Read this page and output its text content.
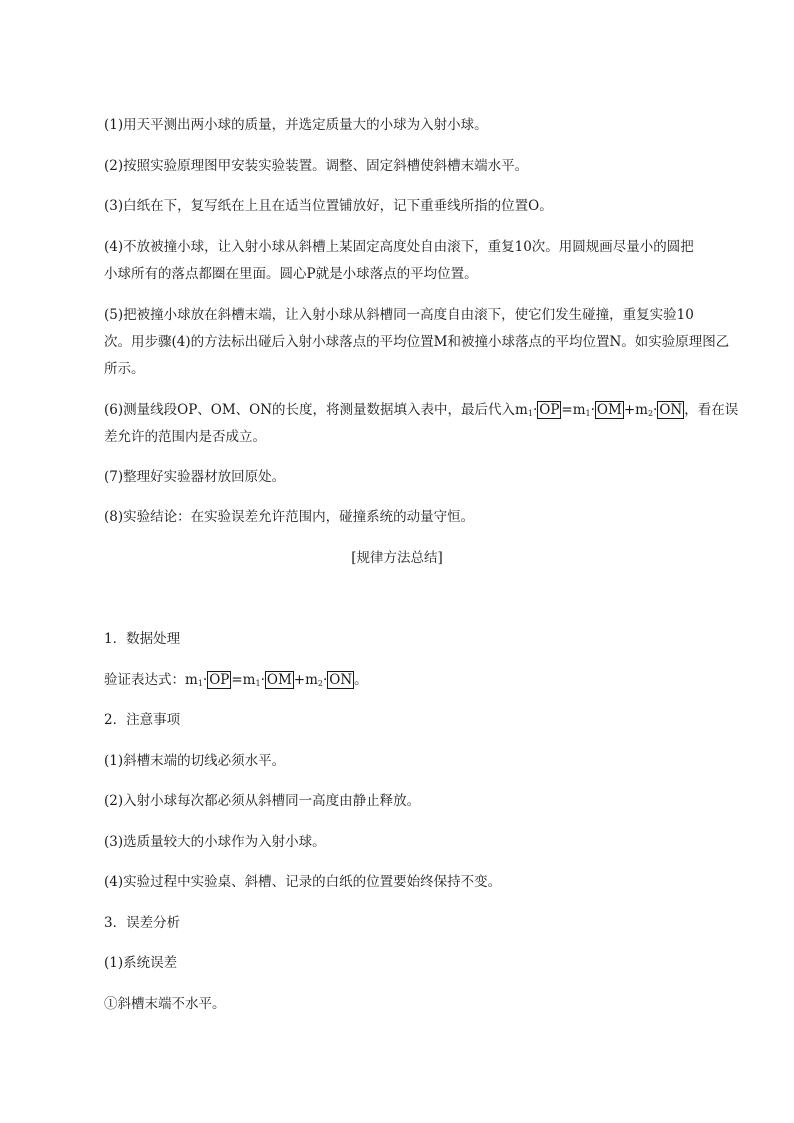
(1)用天平测出两小球的质量，并选定质量大的小球为入射小球。
(2)按照实验原理图甲安装实验装置。调整、固定斜槽使斜槽末端水平。
(3)白纸在下，复写纸在上且在适当位置铺放好，记下重垂线所指的位置O。
(4)不放被撞小球，让入射小球从斜槽上某固定高度处自由滚下，重复10次。用圆规画尽量小的圆把
小球所有的落点都圈在里面。圆心P就是小球落点的平均位置。
(5)把被撞小球放在斜槽末端，让入射小球从斜槽同一高度自由滚下，使它们发生碰撞，重复实验10
次。用步骤(4)的方法标出碰后入射小球落点的平均位置M和被撞小球落点的平均位置N。如实验原理图乙
所示。
(6)测量线段OP、OM、ON的长度，将测量数据填入表中，最后代入$m_1\cdot \overline{OP} =m_1\cdot \overline{OM} +m_2\cdot \overline{ON}$ ，看在误
差允许的范围内是否成立。
(7)整理好实验器材放回原处。
(8)实验结论：在实验误差允许范围内，碰撞系统的动量守恒。
[规律方法总结]
1．数据处理
验证表达式：$m_1\cdot \overline{OP} =m_1\cdot \overline{OM} +m_2\cdot \overline{ON}$ 。
2．注意事项
(1)斜槽末端的切线必须水平。
(2)入射小球每次都必须从斜槽同一高度由静止释放。
(3)选质量较大的小球作为入射小球。
(4)实验过程中实验桌、斜槽、记录的白纸的位置要始终保持不变。
3．误差分析
(1)系统误差
①斜槽末端不水平。
